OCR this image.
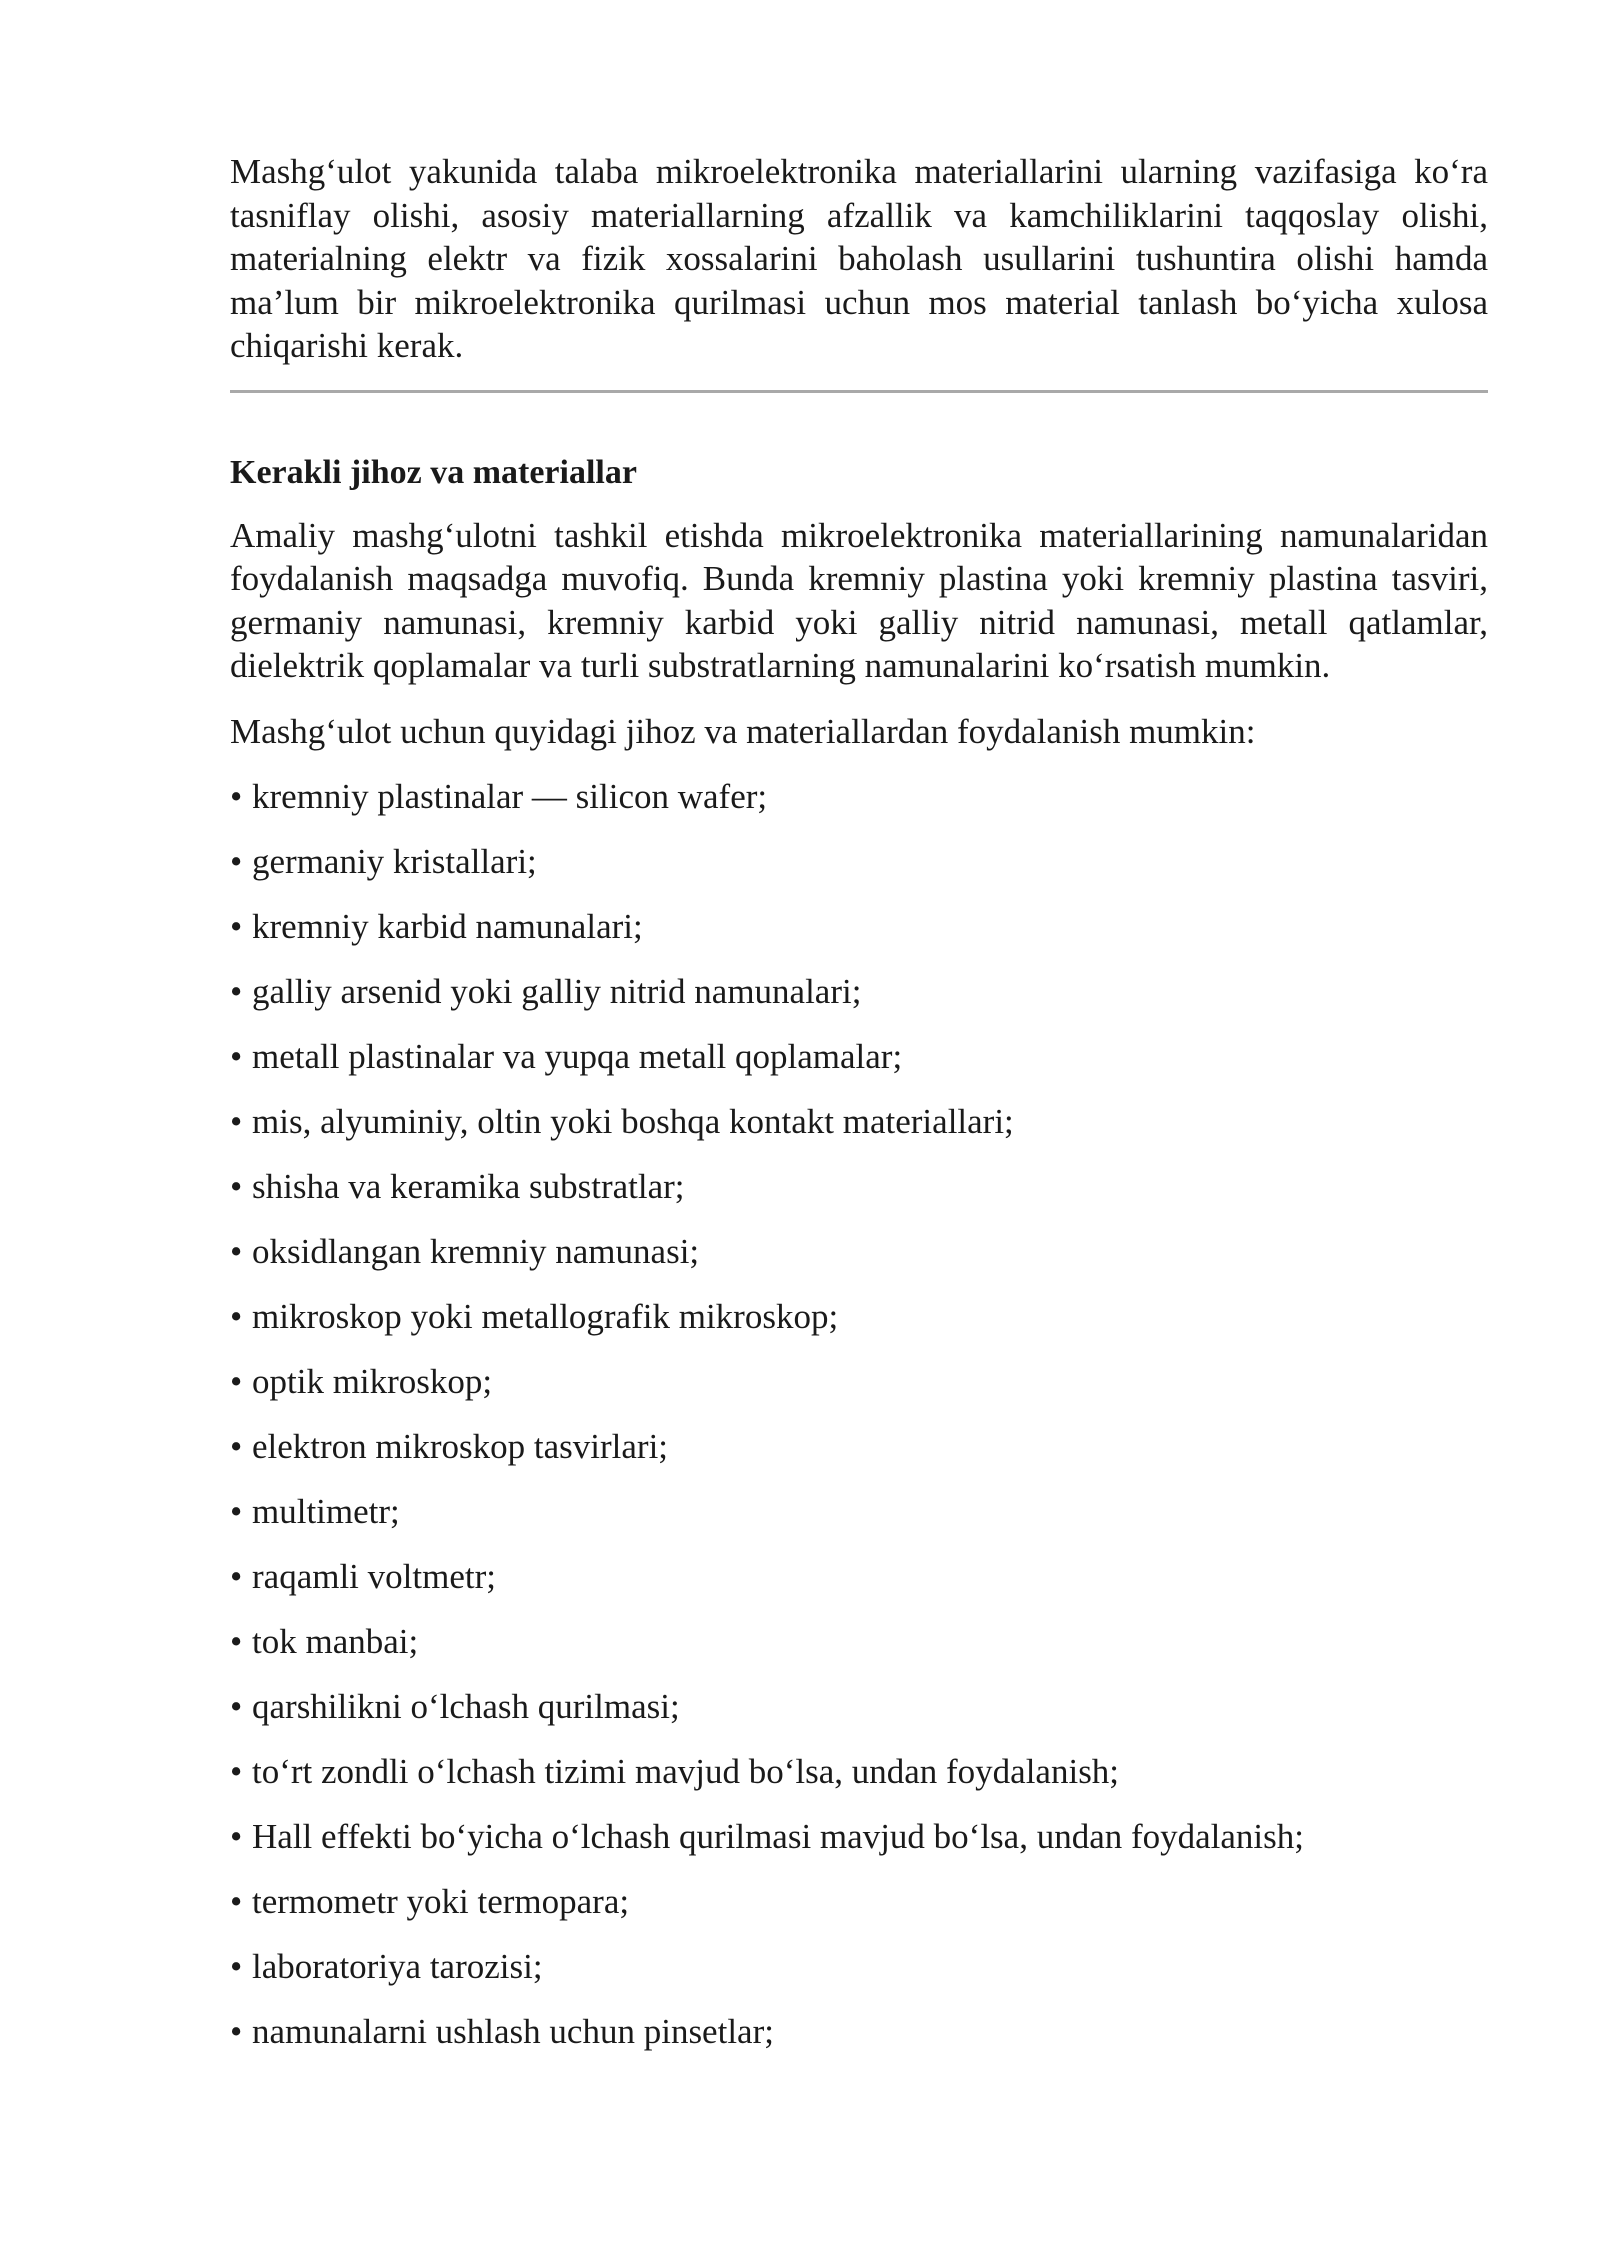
Mashg‘ulot yakunida talaba mikroelektronika materiallarini ularning vazifasiga ko‘ra tasniflay olishi, asosiy materiallarning afzallik va kamchiliklarini taqqoslay olishi, materialning elektr va fizik xossalarini baholash usullarini tushuntira olishi hamda ma’lum bir mikroelektronika qurilmasi uchun mos material tanlash bo‘yicha xulosa chiqarishi kerak.

Kerakli jihoz va materiallar

Amaliy mashg‘ulotni tashkil etishda mikroelektronika materiallarining namunalaridan foydalanish maqsadga muvofiq. Bunda kremniy plastina yoki kremniy plastina tasviri, germaniy namunasi, kremniy karbid yoki galliy nitrid namunasi, metall qatlamlar, dielektrik qoplamalar va turli substratlarning namunalarini ko‘rsatish mumkin.

Mashg‘ulot uchun quyidagi jihoz va materiallardan foydalanish mumkin:

• kremniy plastinalar — silicon wafer;
• germaniy kristallari;
• kremniy karbid namunalari;
• galliy arsenid yoki galliy nitrid namunalari;
• metall plastinalar va yupqa metall qoplamalar;
• mis, alyuminiy, oltin yoki boshqa kontakt materiallari;
• shisha va keramika substratlar;
• oksidlangan kremniy namunasi;
• mikroskop yoki metallografik mikroskop;
• optik mikroskop;
• elektron mikroskop tasvirlari;
• multimetr;
• raqamli voltmetr;
• tok manbai;
• qarshilikni o‘lchash qurilmasi;
• to‘rt zondli o‘lchash tizimi mavjud bo‘lsa, undan foydalanish;
• Hall effekti bo‘yicha o‘lchash qurilmasi mavjud bo‘lsa, undan foydalanish;
• termometr yoki termopara;
• laboratoriya tarozisi;
• namunalarni ushlash uchun pinsetlar;
